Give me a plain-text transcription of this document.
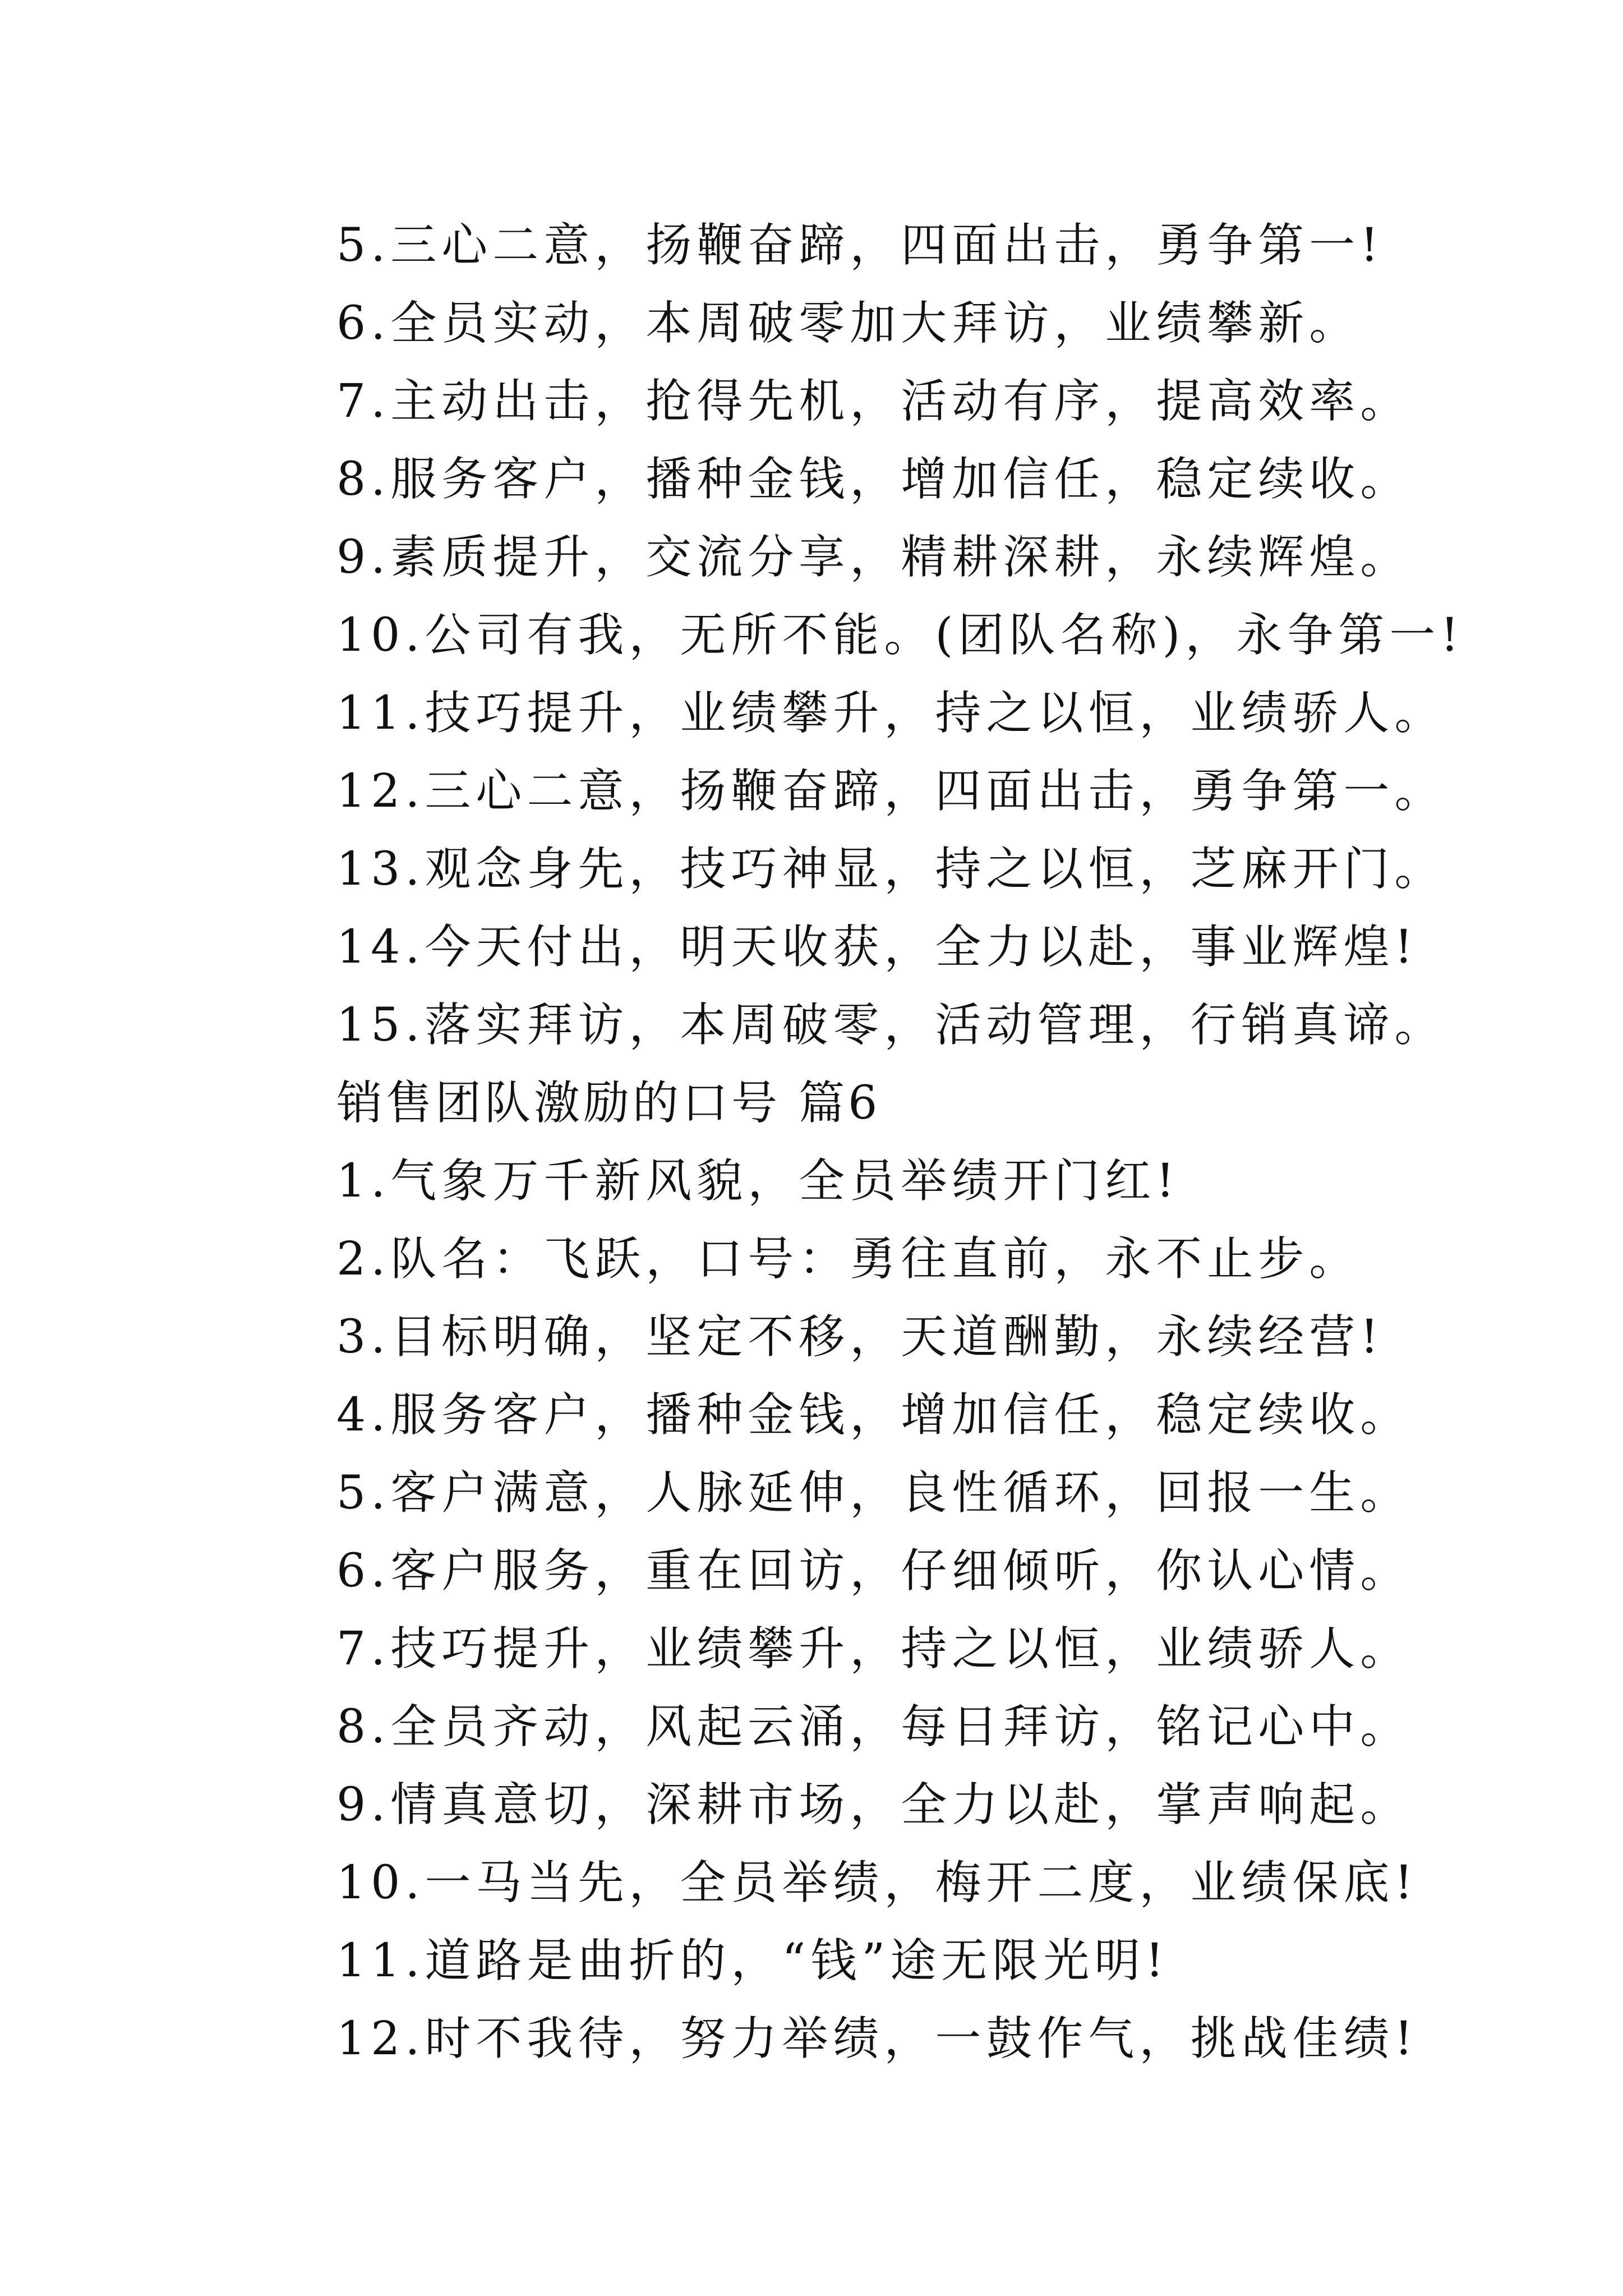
5.三心二意，扬鞭奋蹄，四面出击，勇争第一!
6.全员实动，本周破零加大拜访，业绩攀新。
7.主动出击，抢得先机，活动有序，提高效率。
8.服务客户，播种金钱，增加信任，稳定续收。
9.素质提升，交流分享，精耕深耕，永续辉煌。
10.公司有我，无所不能。(团队名称)，永争第一!
11.技巧提升，业绩攀升，持之以恒，业绩骄人。
12.三心二意，扬鞭奋蹄，四面出击，勇争第一。
13.观念身先，技巧神显，持之以恒，芝麻开门。
14.今天付出，明天收获，全力以赴，事业辉煌!
15.落实拜访，本周破零，活动管理，行销真谛。
销售团队激励的口号 篇6
1.气象万千新风貌，全员举绩开门红!
2.队名：飞跃，口号：勇往直前，永不止步。
3.目标明确，坚定不移，天道酬勤，永续经营!
4.服务客户，播种金钱，增加信任，稳定续收。
5.客户满意，人脉延伸，良性循环，回报一生。
6.客户服务，重在回访，仔细倾听，你认心情。
7.技巧提升，业绩攀升，持之以恒，业绩骄人。
8.全员齐动，风起云涌，每日拜访，铭记心中。
9.情真意切，深耕市场，全力以赴，掌声响起。
10.一马当先，全员举绩，梅开二度，业绩保底!
11.道路是曲折的，“钱”途无限光明!
12.时不我待，努力举绩，一鼓作气，挑战佳绩!
